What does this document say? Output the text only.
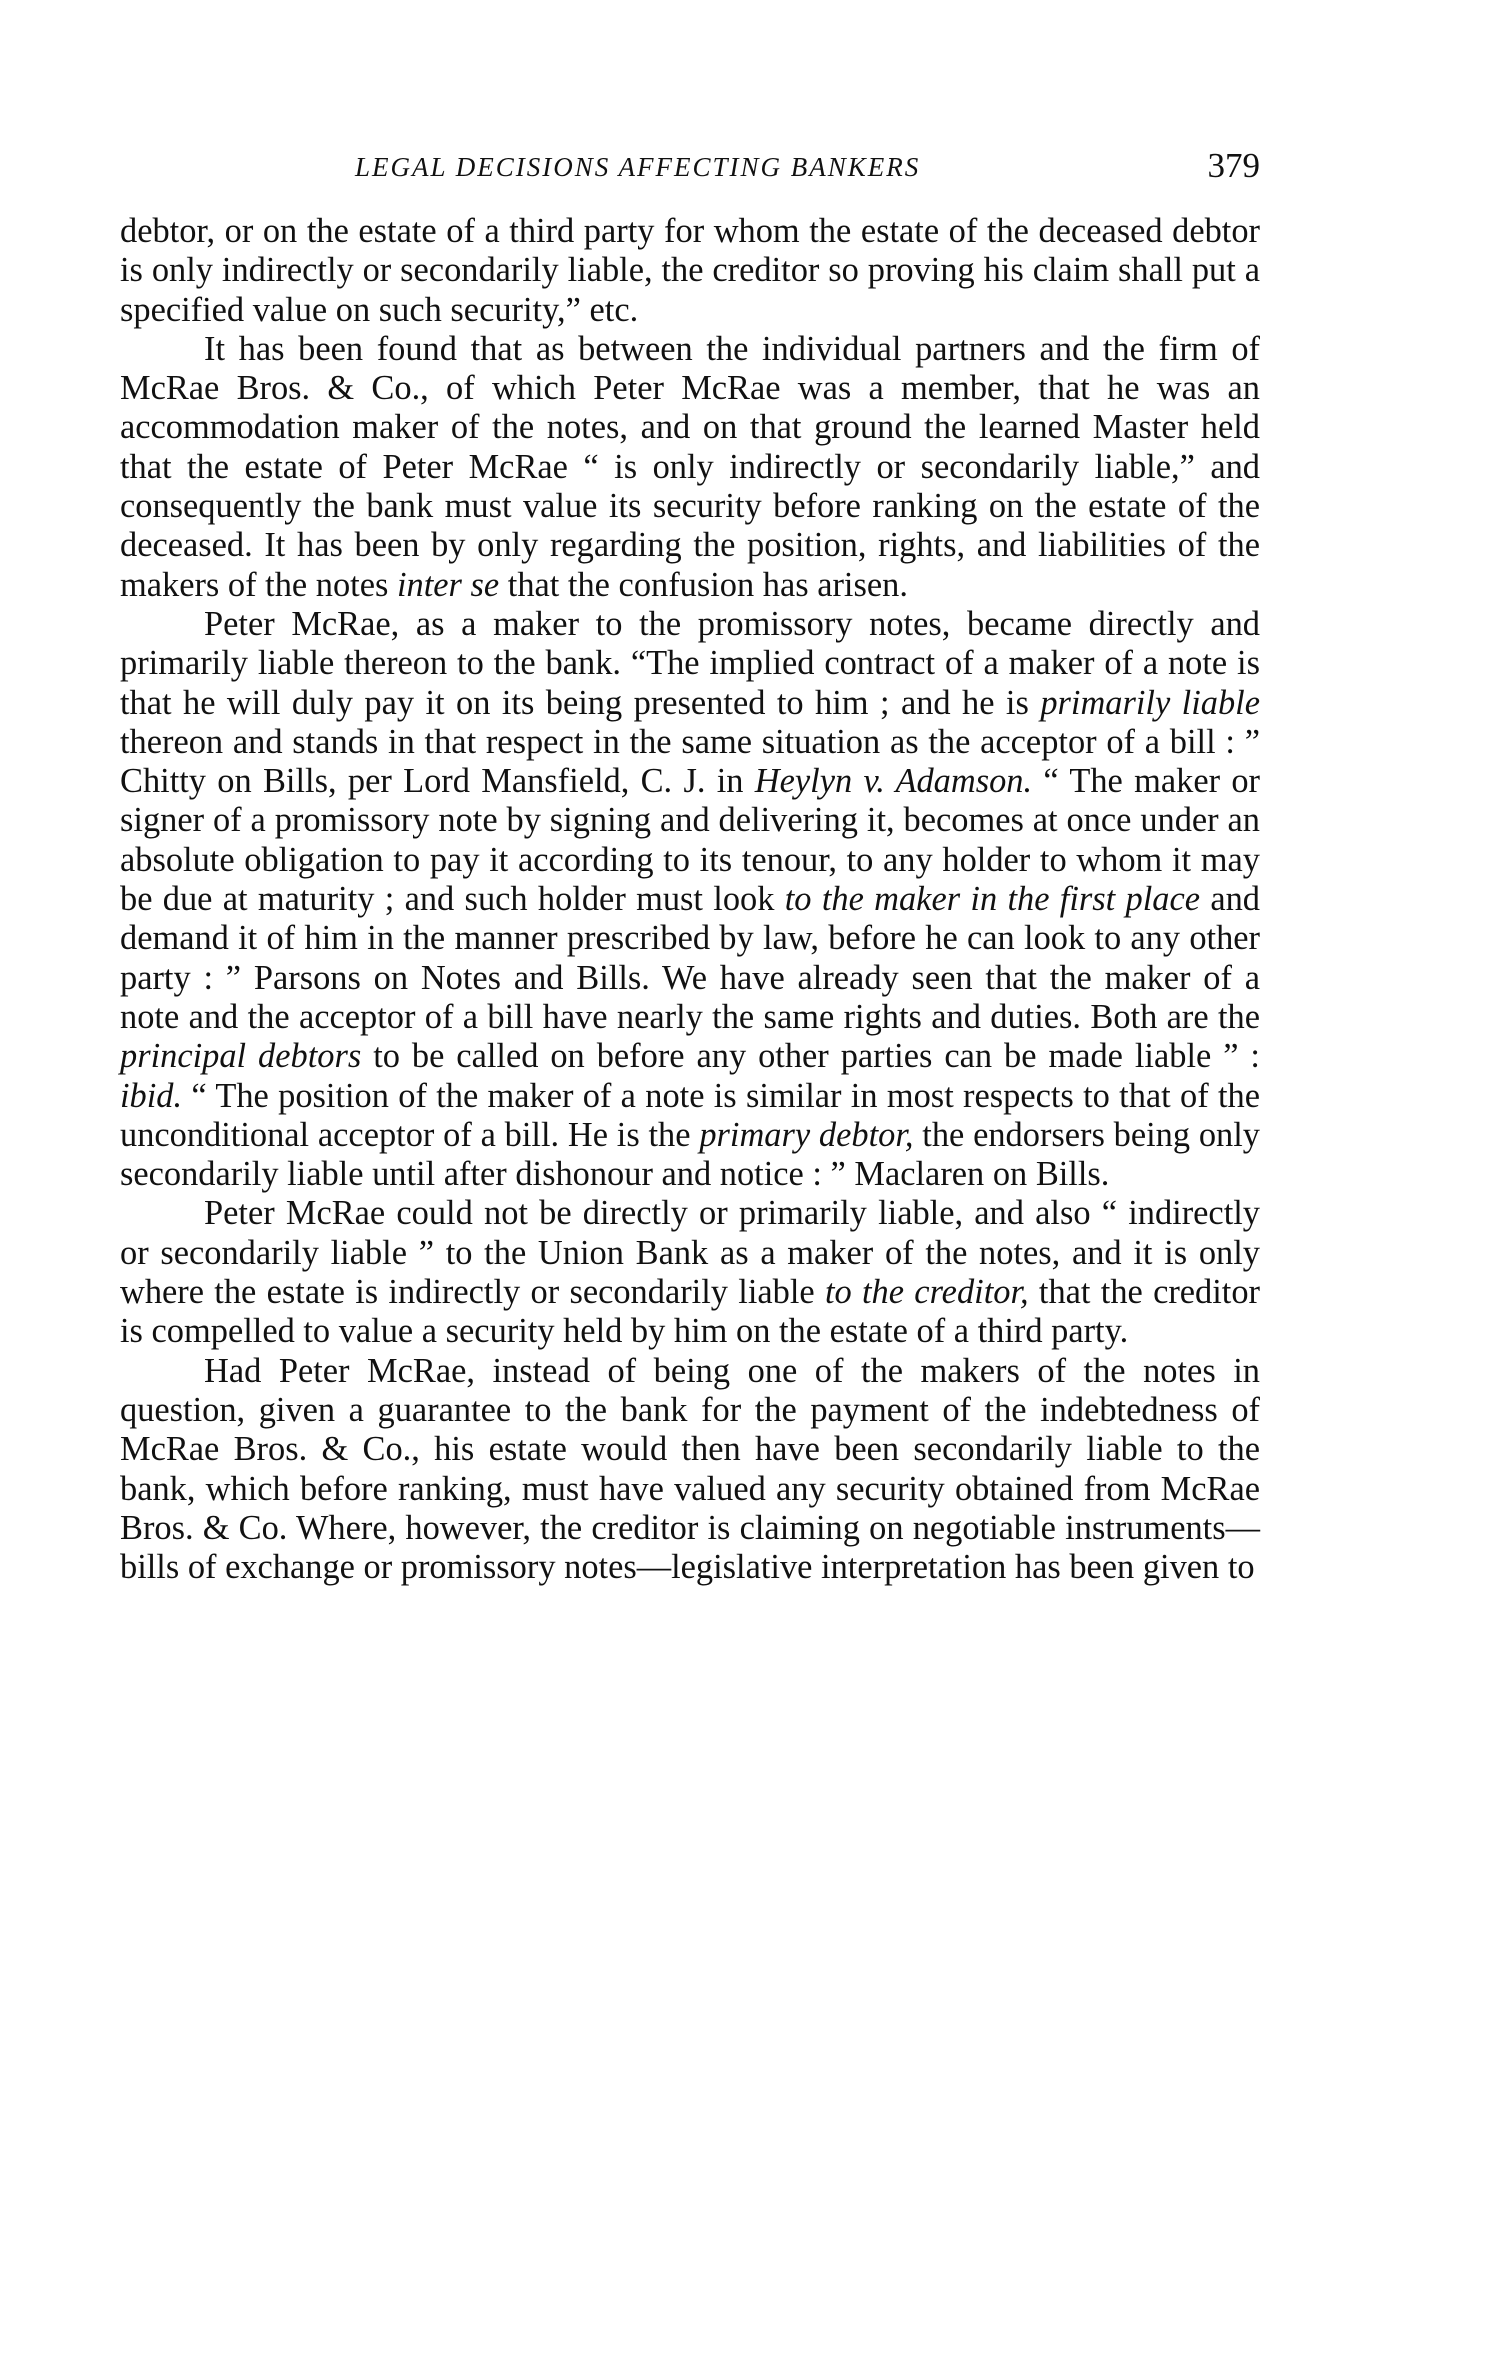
LEGAL DECISIONS AFFECTING BANKERS	379

debtor, or on the estate of a third party for whom the estate of the deceased debtor is only indirectly or secondarily liable, the creditor so proving his claim shall put a specified value on such security,” etc.

It has been found that as between the individual partners and the firm of McRae Bros. & Co., of which Peter McRae was a member, that he was an accommodation maker of the notes, and on that ground the learned Master held that the estate of Peter McRae “ is only indirectly or secondarily liable,” and consequently the bank must value its security before ranking on the estate of the deceased. It has been by only regarding the position, rights, and liabilities of the makers of the notes inter se that the confusion has arisen.

Peter McRae, as a maker to the promissory notes, became directly and primarily liable thereon to the bank. “The implied contract of a maker of a note is that he will duly pay it on its being presented to him ; and he is primarily liable thereon and stands in that respect in the same situation as the acceptor of a bill : ” Chitty on Bills, per Lord Mansfield, C. J. in Heylyn v. Adamson. “ The maker or signer of a promissory note by signing and delivering it, becomes at once under an absolute obligation to pay it according to its tenour, to any holder to whom it may be due at maturity ; and such holder must look to the maker in the first place and demand it of him in the manner prescribed by law, before he can look to any other party : ” Parsons on Notes and Bills. We have already seen that the maker of a note and the acceptor of a bill have nearly the same rights and duties. Both are the principal debtors to be called on before any other parties can be made liable ” : ibid. “ The position of the maker of a note is similar in most respects to that of the unconditional acceptor of a bill. He is the primary debtor, the endorsers being only secondarily liable until after dishonour and notice : ” Maclaren on Bills.

Peter McRae could not be directly or primarily liable, and also “ indirectly or secondarily liable ” to the Union Bank as a maker of the notes, and it is only where the estate is indirectly or secondarily liable to the creditor, that the creditor is compelled to value a security held by him on the estate of a third party.

Had Peter McRae, instead of being one of the makers of the notes in question, given a guarantee to the bank for the payment of the indebtedness of McRae Bros. & Co., his estate would then have been secondarily liable to the bank, which before ranking, must have valued any security obtained from McRae Bros. & Co. Where, however, the creditor is claiming on negotiable instruments—bills of exchange or promissory notes—legislative interpretation has been given to
